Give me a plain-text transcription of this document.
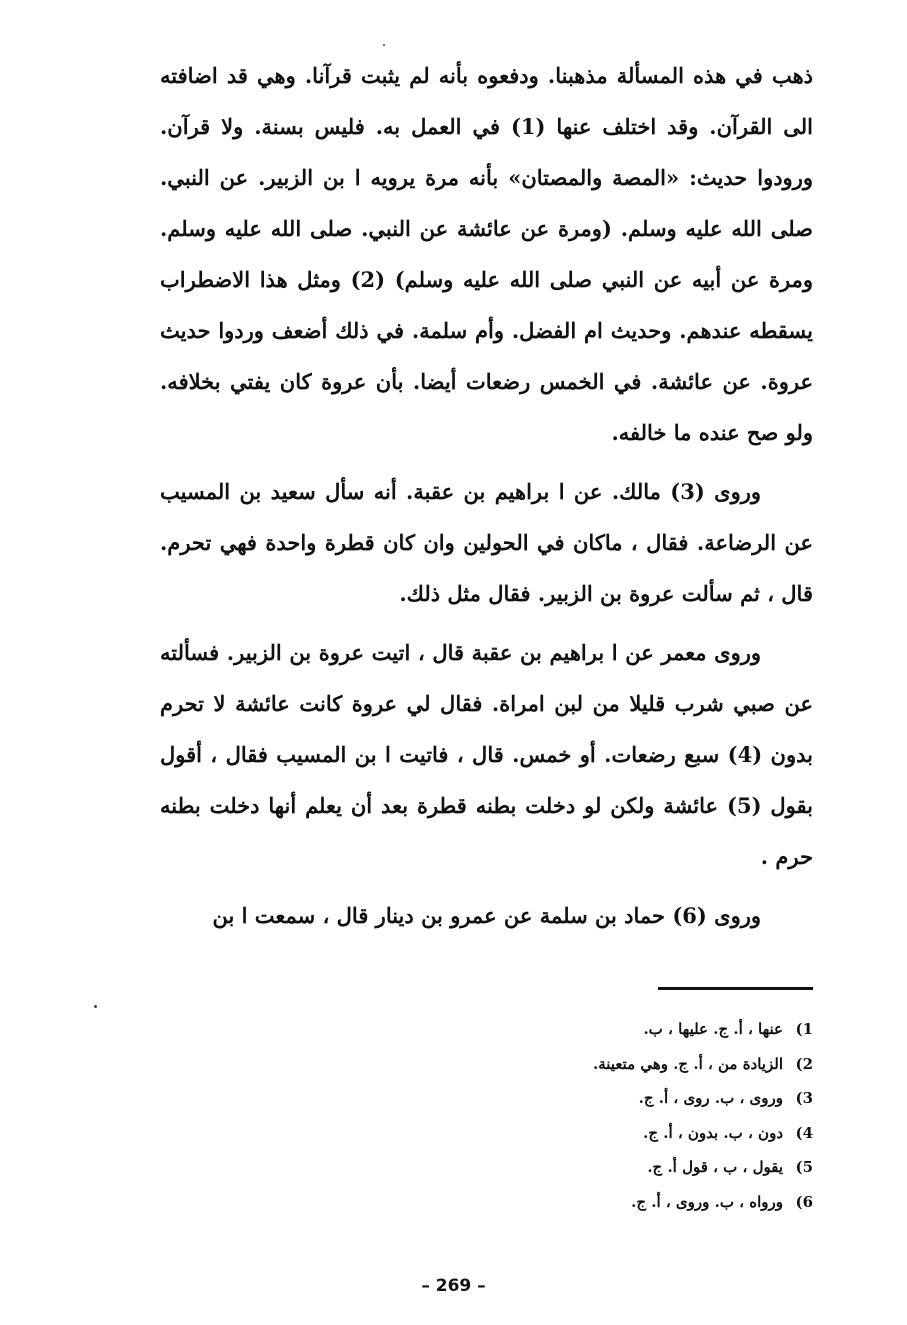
ذهب في هذه المسألة مذهبنا. ودفعوه بأنه لم يثبت قرآنا. وهي قد اضافته الى القرآن. وقد اختلف عنها (1) في العمل به. فليس بسنة. ولا قرآن. ورودوا حديث: «المصة والمصتان» بأنه مرة يرويه ا بن الزبير. عن النبي. صلى الله عليه وسلم. (ومرة عن عائشة عن النبي. صلى الله عليه وسلم. ومرة عن أبيه عن النبي صلى الله عليه وسلم) (2) ومثل هذا الاضطراب يسقطه عندهم. وحديث ام الفضل. وأم سلمة. في ذلك أضعف وردوا حديث عروة. عن عائشة. في الخمس رضعات أيضا. بأن عروة كان يفتي بخلافه. ولو صح عنده ما خالفه.

وروى (3) مالك. عن ا براهيم بن عقبة. أنه سأل سعيد بن المسيب عن الرضاعة. فقال ، ماكان في الحولين وان كان قطرة واحدة فهي تحرم. قال ، ثم سألت عروة بن الزبير. فقال مثل ذلك.

وروى معمر عن ا براهيم بن عقبة قال ، اتيت عروة بن الزبير. فسألته عن صبي شرب قليلا من لبن امراة. فقال لي عروة كانت عائشة لا تحرم بدون (4) سبع رضعات. أو خمس. قال ، فاتيت ا بن المسيب فقال ، أقول بقول (5) عائشة ولكن لو دخلت بطنه قطرة بعد أن يعلم أنها دخلت بطنه حرم .

وروى (6) حماد بن سلمة عن عمرو بن دينار قال ، سمعت ا بن

1)
عنها ، أ. ج. عليها ، ب.
2)
الزيادة من ، أ. ج. وهي متعينة.
3)
وروى ، ب. روى ، أ. ج.
4)
دون ، ب. بدون ، أ. ج.
5)
يقول ، ب ، قول أ. ج.
6)
ورواه ، ب. وروى ، أ. ج.
– 269 –
